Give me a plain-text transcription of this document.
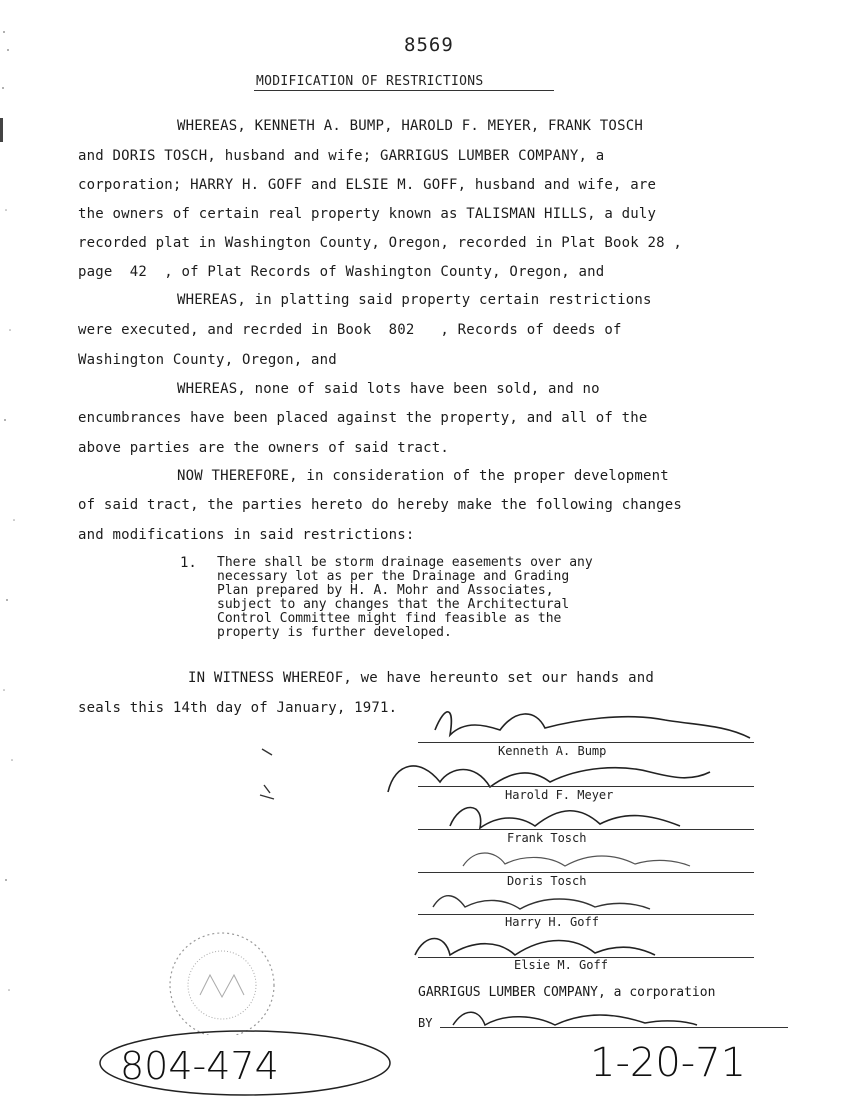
8569
MODIFICATION OF RESTRICTIONS
WHEREAS, KENNETH A. BUMP, HAROLD F. MEYER, FRANK TOSCH
and DORIS TOSCH, husband and wife; GARRIGUS LUMBER COMPANY, a
corporation; HARRY H. GOFF and ELSIE M. GOFF, husband and wife, are
the owners of certain real property known as TALISMAN HILLS, a duly
recorded plat in Washington County, Oregon, recorded in Plat Book 28 ,
page  42  , of Plat Records of Washington County, Oregon, and
WHEREAS, in platting said property certain restrictions
were executed, and recrded in Book  802   , Records of deeds of
Washington County, Oregon, and
WHEREAS, none of said lots have been sold, and no
encumbrances have been placed against the property, and all of the
above parties are the owners of said tract.
NOW THEREFORE, in consideration of the proper development
of said tract, the parties hereto do hereby make the following changes
and modifications in said restrictions:
1. There shall be storm drainage easements over any
necessary lot as per the Drainage and Grading
Plan prepared by H. A. Mohr and Associates,
subject to any changes that the Architectural
Control Committee might find feasible as the
property is further developed.
IN WITNESS WHEREOF, we have hereunto set our hands and
seals this 14th day of January, 1971.
Kenneth A. Bump
Harold F. Meyer
Frank Tosch
Doris Tosch
Harry H. Goff
Elsie M. Goff
GARRIGUS LUMBER COMPANY, a corporation
BY
804-474	1-20-71
